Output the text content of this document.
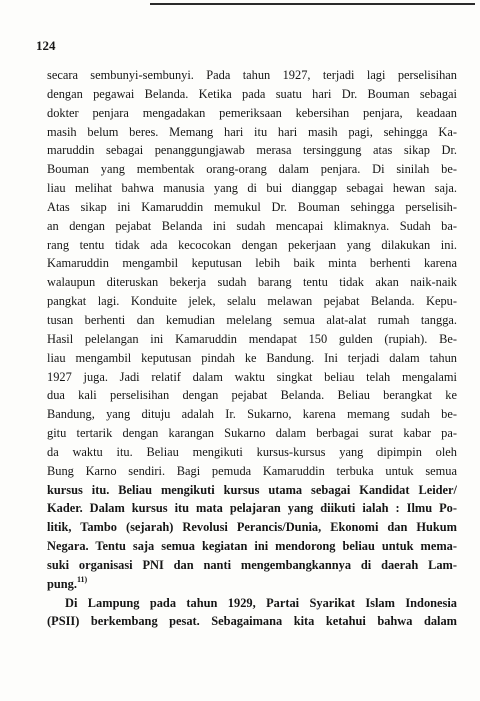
124
secara sembunyi-sembunyi. Pada tahun 1927, terjadi lagi perselisihan
dengan pegawai Belanda. Ketika pada suatu hari Dr. Bouman sebagai
dokter penjara mengadakan pemeriksaan kebersihan penjara, keadaan
masih belum beres. Memang hari itu hari masih pagi, sehingga Ka-
maruddin sebagai penanggungjawab merasa tersinggung atas sikap Dr.
Bouman yang membentak orang-orang dalam penjara. Di sinilah be-
liau melihat bahwa manusia yang di bui dianggap sebagai hewan saja.
Atas sikap ini Kamaruddin memukul Dr. Bouman sehingga perselisih-
an dengan pejabat Belanda ini sudah mencapai klimaknya. Sudah ba-
rang tentu tidak ada kecocokan dengan pekerjaan yang dilakukan ini.
Kamaruddin mengambil keputusan lebih baik minta berhenti karena
walaupun diteruskan bekerja sudah barang tentu tidak akan naik-naik
pangkat lagi. Konduite jelek, selalu melawan pejabat Belanda. Kepu-
tusan berhenti dan kemudian melelang semua alat-alat rumah tangga.
Hasil pelelangan ini Kamaruddin mendapat 150 gulden (rupiah). Be-
liau mengambil keputusan pindah ke Bandung. Ini terjadi dalam tahun
1927 juga. Jadi relatif dalam waktu singkat beliau telah mengalami
dua kali perselisihan dengan pejabat Belanda. Beliau berangkat ke
Bandung, yang dituju adalah Ir. Sukarno, karena memang sudah be-
gitu tertarik dengan karangan Sukarno dalam berbagai surat kabar pa-
da waktu itu. Beliau mengikuti kursus-kursus yang dipimpin oleh
Bung Karno sendiri. Bagi pemuda Kamaruddin terbuka untuk semua
kursus itu. Beliau mengikuti kursus utama sebagai Kandidat Leider/
Kader. Dalam kursus itu mata pelajaran yang diikuti ialah : Ilmu Po-
litik, Tambo (sejarah) Revolusi Perancis/Dunia, Ekonomi dan Hukum
Negara. Tentu saja semua kegiatan ini mendorong beliau untuk mema-
suki organisasi PNI dan nanti mengembangkannya di daerah Lam-
pung.$^{11)}$
Di Lampung pada tahun 1929, Partai Syarikat Islam Indonesia
(PSII) berkembang pesat. Sebagaimana kita ketahui bahwa dalam
